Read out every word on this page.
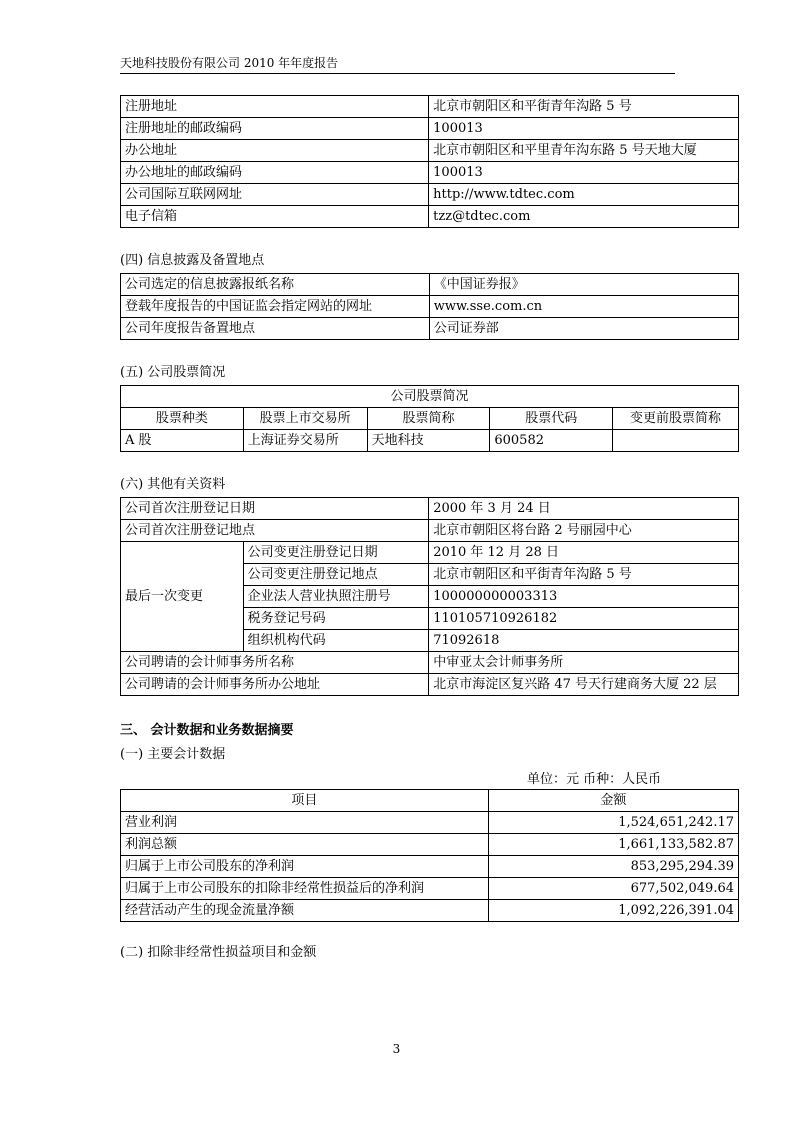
天地科技股份有限公司 2010 年年度报告
注册地址	北京市朝阳区和平街青年沟路 5 号
注册地址的邮政编码	100013
办公地址	北京市朝阳区和平里青年沟东路 5 号天地大厦
办公地址的邮政编码	100013
公司国际互联网网址	http://www.tdtec.com
电子信箱	tzz@tdtec.com
(四) 信息披露及备置地点
公司选定的信息披露报纸名称	《中国证券报》
登载年度报告的中国证监会指定网站的网址	www.sse.com.cn
公司年度报告备置地点	公司证券部
(五) 公司股票简况
公司股票简况				
股票种类	股票上市交易所	股票简称	股票代码	变更前股票简称
A 股	上海证券交易所	天地科技	600582	
(六) 其他有关资料
公司首次注册登记日期		2000 年 3 月 24 日
公司首次注册登记地点		北京市朝阳区将台路 2 号丽园中心
最后一次变更	公司变更注册登记日期	2010 年 12 月 28 日
	公司变更注册登记地点	北京市朝阳区和平街青年沟路 5 号
	企业法人营业执照注册号	100000000003313
	税务登记号码	110105710926182
	组织机构代码	71092618
公司聘请的会计师事务所名称		中审亚太会计师事务所
公司聘请的会计师事务所办公地址		北京市海淀区复兴路 47 号天行建商务大厦 22 层
三、 会计数据和业务数据摘要
(一) 主要会计数据
单位：元 币种：人民币
项目	金额
营业利润	1,524,651,242.17
利润总额	1,661,133,582.87
归属于上市公司股东的净利润	853,295,294.39
归属于上市公司股东的扣除非经常性损益后的净利润	677,502,049.64
经营活动产生的现金流量净额	1,092,226,391.04
(二) 扣除非经常性损益项目和金额
3
